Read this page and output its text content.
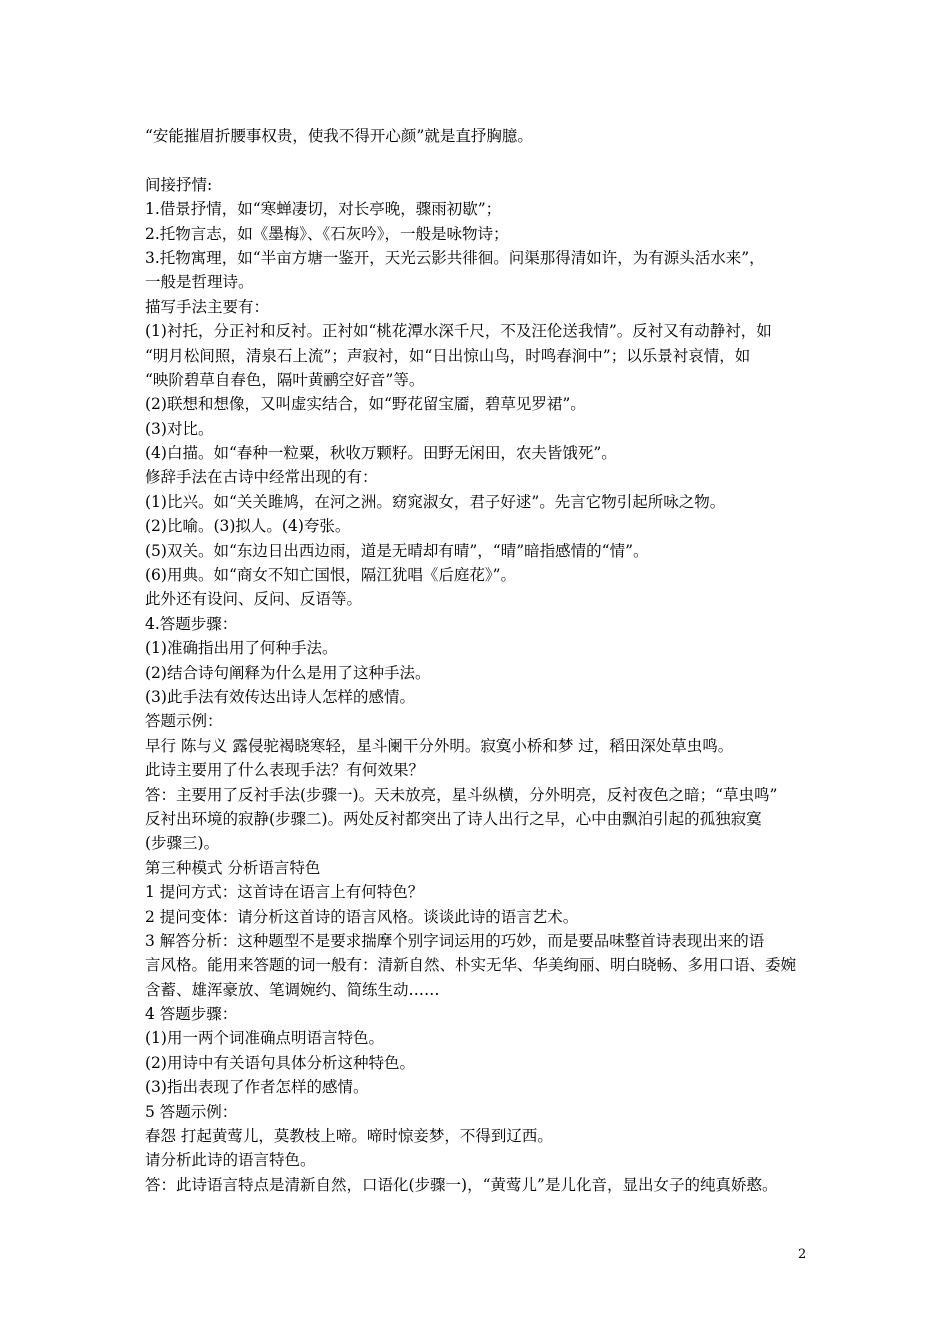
“安能摧眉折腰事权贵，使我不得开心颜”就是直抒胸臆。
间接抒情:
1.借景抒情，如“寒蝉凄切，对长亭晚，骤雨初歇”；
2.托物言志，如《墨梅》、《石灰吟》，一般是咏物诗；
3.托物寓理，如“半亩方塘一鉴开，天光云影共徘徊。问渠那得清如许，为有源头活水来”，
一般是哲理诗。
描写手法主要有：
(1)衬托，分正衬和反衬。正衬如“桃花潭水深千尺，不及汪伦送我情”。反衬又有动静衬，如
“明月松间照，清泉石上流”；声寂衬，如“日出惊山鸟，时鸣春涧中”；以乐景衬哀情，如
“映阶碧草自春色，隔叶黄鹂空好音”等。
(2)联想和想像，又叫虚实结合，如“野花留宝靥，碧草见罗裙”。
(3)对比。
(4)白描。如“春种一粒粟，秋收万颗籽。田野无闲田，农夫皆饿死”。
修辞手法在古诗中经常出现的有：
(1)比兴。如“关关雎鸠，在河之洲。窈窕淑女，君子好逑”。先言它物引起所咏之物。
(2)比喻。(3)拟人。(4)夸张。
(5)双关。如“东边日出西边雨，道是无晴却有晴”，“晴”暗指感情的“情”。
(6)用典。如“商女不知亡国恨，隔江犹唱《后庭花》”。
此外还有设问、反问、反语等。
4.答题步骤：
(1)准确指出用了何种手法。
(2)结合诗句阐释为什么是用了这种手法。
(3)此手法有效传达出诗人怎样的感情。
答题示例：
早行 陈与义 露侵驼褐晓寒轻，星斗阑干分外明。寂寞小桥和梦 过，稻田深处草虫鸣。
此诗主要用了什么表现手法？有何效果？
答：主要用了反衬手法(步骤一)。天未放亮，星斗纵横，分外明亮，反衬夜色之暗；“草虫鸣”
反衬出环境的寂静(步骤二)。两处反衬都突出了诗人出行之早，心中由飘泊引起的孤独寂寞
(步骤三)。
第三种模式 分析语言特色
1 提问方式：这首诗在语言上有何特色？
2 提问变体：请分析这首诗的语言风格。谈谈此诗的语言艺术。
3 解答分析：这种题型不是要求揣摩个别字词运用的巧妙，而是要品味整首诗表现出来的语
言风格。能用来答题的词一般有：清新自然、朴实无华、华美绚丽、明白晓畅、多用口语、委婉
含蓄、雄浑豪放、笔调婉约、简练生动……
4 答题步骤：
(1)用一两个词准确点明语言特色。
(2)用诗中有关语句具体分析这种特色。
(3)指出表现了作者怎样的感情。
5 答题示例：
春怨 打起黄莺儿，莫教枝上啼。啼时惊妾梦，不得到辽西。
请分析此诗的语言特色。
答：此诗语言特点是清新自然，口语化(步骤一)，“黄莺儿”是儿化音，显出女子的纯真娇憨。
2
